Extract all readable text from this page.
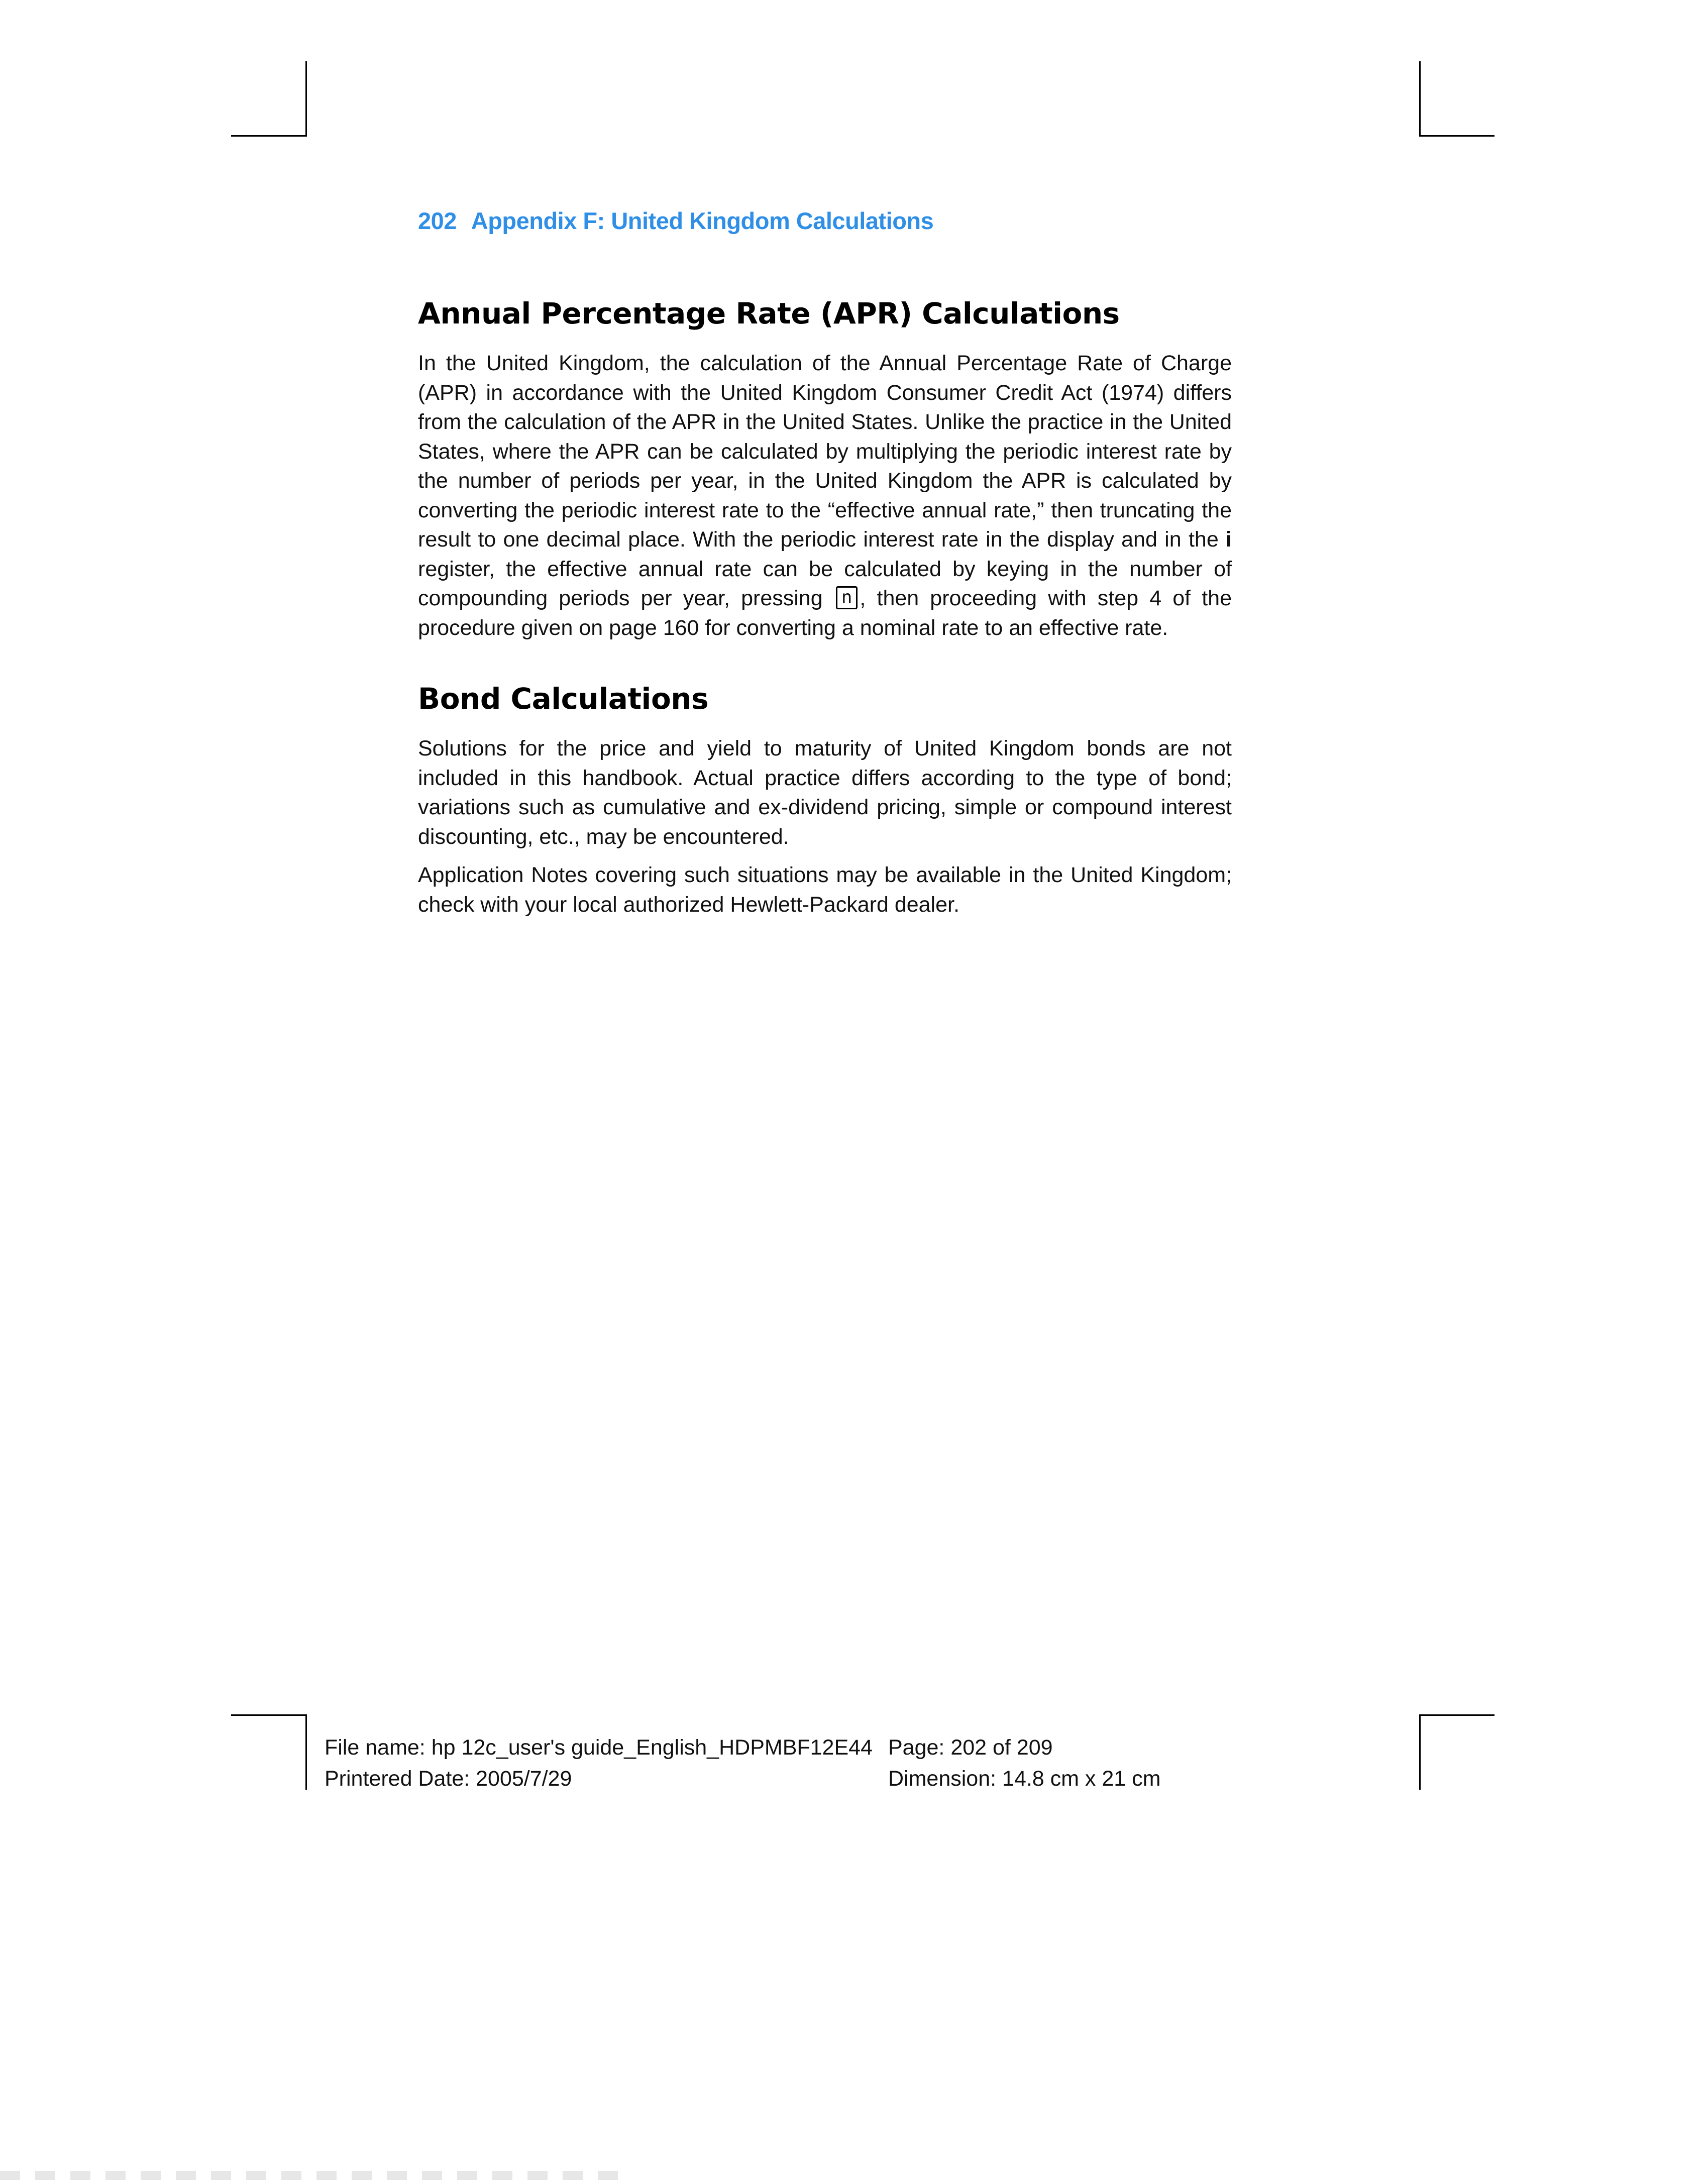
202 Appendix F: United Kingdom Calculations
Annual Percentage Rate (APR) Calculations

In the United Kingdom, the calculation of the Annual Percentage Rate of Charge (APR) in accordance with the United Kingdom Consumer Credit Act (1974) differs from the calculation of the APR in the United States. Unlike the practice in the United States, where the APR can be calculated by multiplying the periodic interest rate by the number of periods per year, in the United Kingdom the APR is calculated by converting the periodic interest rate to the “effective annual rate,” then truncating the result to one decimal place. With the periodic interest rate in the display and in the i register, the effective annual rate can be calculated by keying in the number of compounding periods per year, pressing n , then proceeding with step 4 of the procedure given on page 160 for converting a nominal rate to an effective rate.

Bond Calculations

Solutions for the price and yield to maturity of United Kingdom bonds are not included in this handbook. Actual practice differs according to the type of bond; variations such as cumulative and ex-dividend pricing, simple or compound interest discounting, etc., may be encountered.

Application Notes covering such situations may be available in the United Kingdom; check with your local authorized Hewlett-Packard dealer.

File name: hp 12c_user's guide_English_HDPMBF12E44
Printered Date: 2005/7/29
Page: 202 of 209
Dimension: 14.8 cm x 21 cm
